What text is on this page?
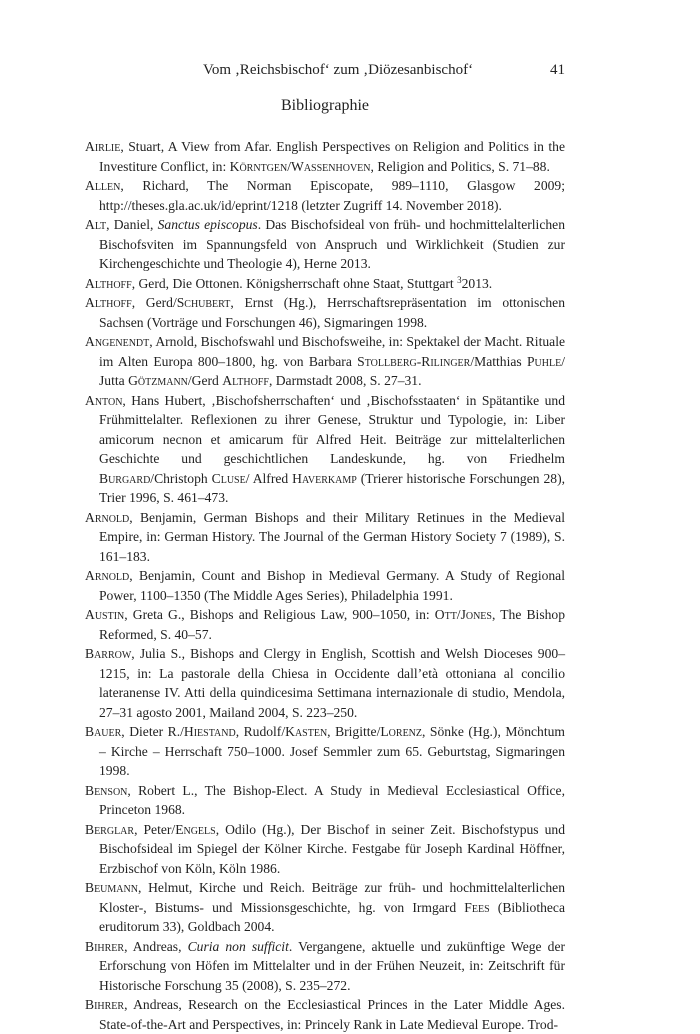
Vom ‚Reichsbischof‘ zum ‚Diözesanbischof‘	41
Bibliographie

Airlie, Stuart, A View from Afar. English Perspectives on Religion and Politics in the Investiture Conflict, in: Körntgen/Wassenhoven, Religion and Politics, S. 71–88.

Allen, Richard, The Norman Episcopate, 989–1110, Glasgow 2009; http://theses.gla.ac.uk/id/eprint/1218 (letzter Zugriff 14. November 2018).

Alt, Daniel, Sanctus episcopus. Das Bischofsideal von früh- und hochmittelalterlichen Bischofsviten im Spannungsfeld von Anspruch und Wirklichkeit (Studien zur Kirchengeschichte und Theologie 4), Herne 2013.

Althoff, Gerd, Die Ottonen. Königsherrschaft ohne Staat, Stuttgart $^3$2013.

Althoff, Gerd/Schubert, Ernst (Hg.), Herrschaftsrepräsentation im ottonischen Sachsen (Vorträge und Forschungen 46), Sigmaringen 1998.

Angenendt, Arnold, Bischofswahl und Bischofsweihe, in: Spektakel der Macht. Rituale im Alten Europa 800–1800, hg. von Barbara Stollberg-Rilinger/Matthias Puhle/ Jutta Götzmann/Gerd Althoff, Darmstadt 2008, S. 27–31.

Anton, Hans Hubert, ‚Bischofsherrschaften‘ und ‚Bischofsstaaten‘ in Spätantike und Frühmittelalter. Reflexionen zu ihrer Genese, Struktur und Typologie, in: Liber amicorum necnon et amicarum für Alfred Heit. Beiträge zur mittelalterlichen Geschichte und geschichtlichen Landeskunde, hg. von Friedhelm Burgard/Christoph Cluse/ Alfred Haverkamp (Trierer historische Forschungen 28), Trier 1996, S. 461–473.

Arnold, Benjamin, German Bishops and their Military Retinues in the Medieval Empire, in: German History. The Journal of the German History Society 7 (1989), S. 161–183.

Arnold, Benjamin, Count and Bishop in Medieval Germany. A Study of Regional Power, 1100–1350 (The Middle Ages Series), Philadelphia 1991.

Austin, Greta G., Bishops and Religious Law, 900–1050, in: Ott/Jones, The Bishop Reformed, S. 40–57.

Barrow, Julia S., Bishops and Clergy in English, Scottish and Welsh Dioceses 900–1215, in: La pastorale della Chiesa in Occidente dall’età ottoniana al concilio lateranense IV. Atti della quindicesima Settimana internazionale di studio, Mendola, 27–31 agosto 2001, Mailand 2004, S. 223–250.

Bauer, Dieter R./Hiestand, Rudolf/Kasten, Brigitte/Lorenz, Sönke (Hg.), Mönchtum – Kirche – Herrschaft 750–1000. Josef Semmler zum 65. Geburtstag, Sigmaringen 1998.

Benson, Robert L., The Bishop-Elect. A Study in Medieval Ecclesiastical Office, Princeton 1968.

Berglar, Peter/Engels, Odilo (Hg.), Der Bischof in seiner Zeit. Bischofstypus und Bischofsideal im Spiegel der Kölner Kirche. Festgabe für Joseph Kardinal Höffner, Erzbischof von Köln, Köln 1986.

Beumann, Helmut, Kirche und Reich. Beiträge zur früh- und hochmittelalterlichen Kloster-, Bistums- und Missionsgeschichte, hg. von Irmgard Fees (Bibliotheca eruditorum 33), Goldbach 2004.

Bihrer, Andreas, Curia non sufficit. Vergangene, aktuelle und zukünftige Wege der Erforschung von Höfen im Mittelalter und in der Frühen Neuzeit, in: Zeitschrift für Historische Forschung 35 (2008), S. 235–272.

Bihrer, Andreas, Research on the Ecclesiastical Princes in the Later Middle Ages. State-of-the-Art and Perspectives, in: Princely Rank in Late Medieval Europe. Trod-
